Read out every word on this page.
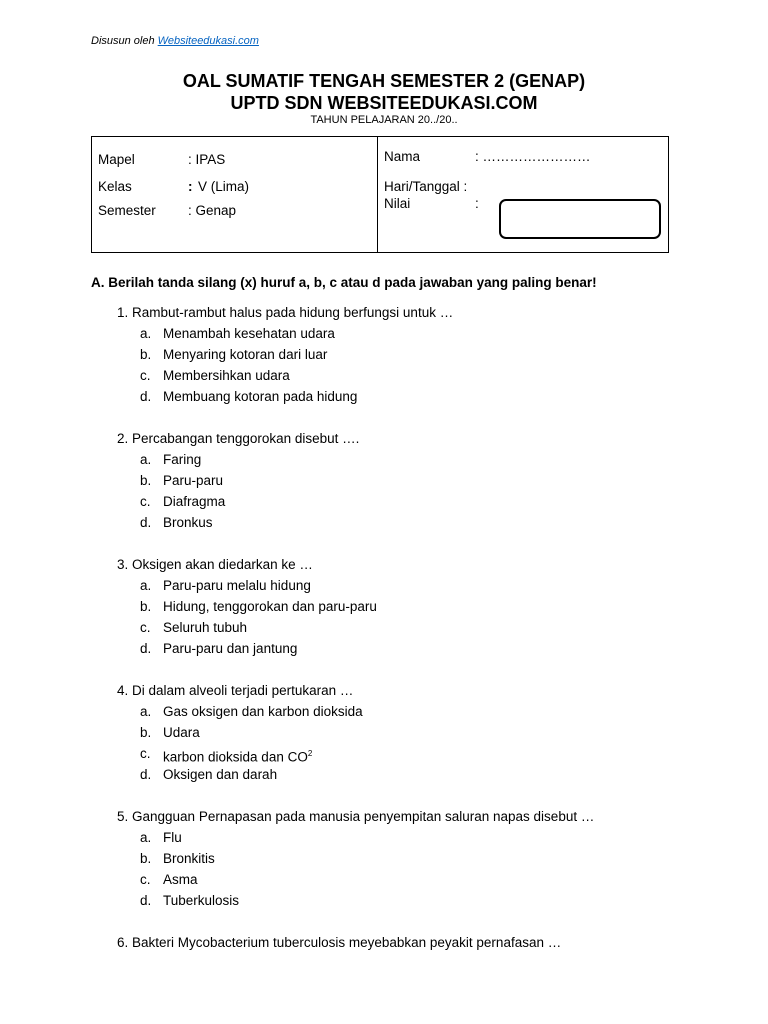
Disusun oleh Websiteedukasi.com
OAL SUMATIF TENGAH SEMESTER 2 (GENAP)
UPTD SDN WEBSITEEDUKASI.COM
TAHUN PELAJARAN 20../20..
Mapel	: IPAS
Kelas	: V (Lima)
Semester : Genap
Nama	: ……………………
Hari/Tanggal :
Nilai	:
A. Berilah tanda silang (x) huruf a, b, c atau d pada jawaban yang paling benar!
1. Rambut-rambut halus pada hidung berfungsi untuk …
a. Menambah kesehatan udara
b. Menyaring kotoran dari luar
c. Membersihkan udara
d. Membuang kotoran pada hidung
2. Percabangan tenggorokan disebut ….
a. Faring
b. Paru-paru
c. Diafragma
d. Bronkus
3. Oksigen akan diedarkan ke …
a. Paru-paru melalu hidung
b. Hidung, tenggorokan dan paru-paru
c. Seluruh tubuh
d. Paru-paru dan jantung
4. Di dalam alveoli terjadi pertukaran …
a. Gas oksigen dan karbon dioksida
b. Udara
c. karbon dioksida dan $CO^2$
d. Oksigen dan darah
5. Gangguan Pernapasan pada manusia penyempitan saluran napas disebut …
a. Flu
b. Bronkitis
c. Asma
d. Tuberkulosis
6. Bakteri Mycobacterium tuberculosis meyebabkan peyakit pernafasan …
